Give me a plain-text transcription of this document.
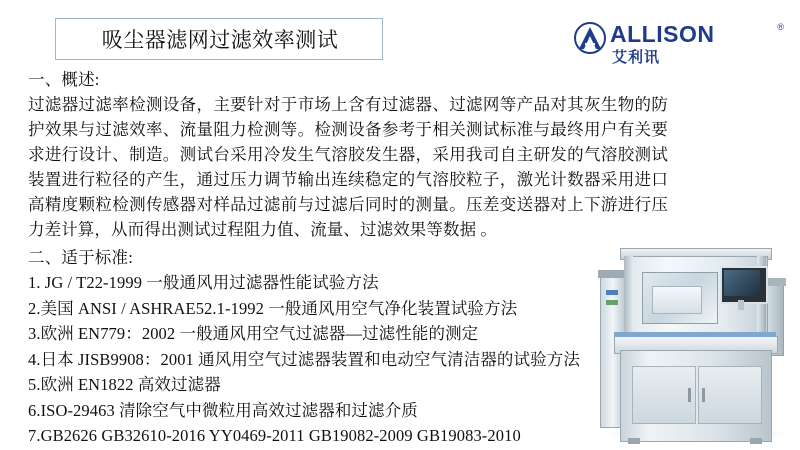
吸尘器滤网过滤效率测试	ALLISON
艾利讯
®

一、概述:

过滤器过滤率检测设备，主要针对于市场上含有过滤器、过滤网等产品对其灰生物的防护效果与过滤效率、流量阻力检测等。检测设备参考于相关测试标准与最终用户有关要求进行设计、制造。测试台采用冷发生气溶胶发生器，采用我司自主研发的气溶胶测试装置进行粒径的产生，通过压力调节输出连续稳定的气溶胶粒子，激光计数器采用进口高精度颗粒检测传感器对样品过滤前与过滤后同时的测量。压差变送器对上下游进行压力差计算，从而得出测试过程阻力值、流量、过滤效果等数据 。

二、适于标准:

1. JG / T22-1999 一般通风用过滤器性能试验方法
2.美国 ANSI / ASHRAE52.1-1992 一般通风用空气净化装置试验方法
3.欧洲 EN779：2002 一般通风用空气过滤器—过滤性能的测定
4.日本 JISB9908：2001 通风用空气过滤器装置和电动空气清洁器的试验方法
5.欧洲 EN1822 高效过滤器
6.ISO-29463 清除空气中微粒用高效过滤器和过滤介质
7.GB2626 GB32610-2016 YY0469-2011 GB19082-2009 GB19083-2010
